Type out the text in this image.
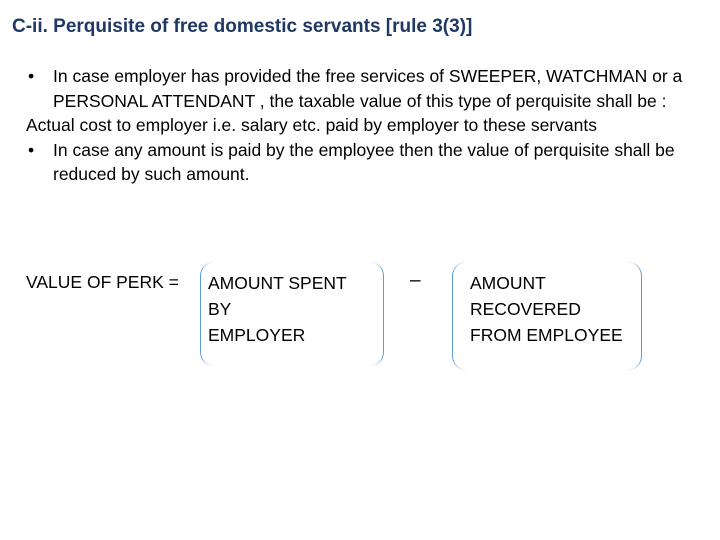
C-ii. Perquisite of free domestic servants [rule 3(3)]
• In case employer has provided the free services of SWEEPER, WATCHMAN or a PERSONAL ATTENDANT , the taxable value of this type of perquisite shall be :
Actual cost to employer i.e. salary etc. paid by employer to these servants
• In case any amount is paid by the employee then the value of perquisite shall be reduced by such amount.
VALUE OF PERK = AMOUNT SPENT
BY
EMPLOYER
–	AMOUNT
RECOVERED
FROM EMPLOYEE
